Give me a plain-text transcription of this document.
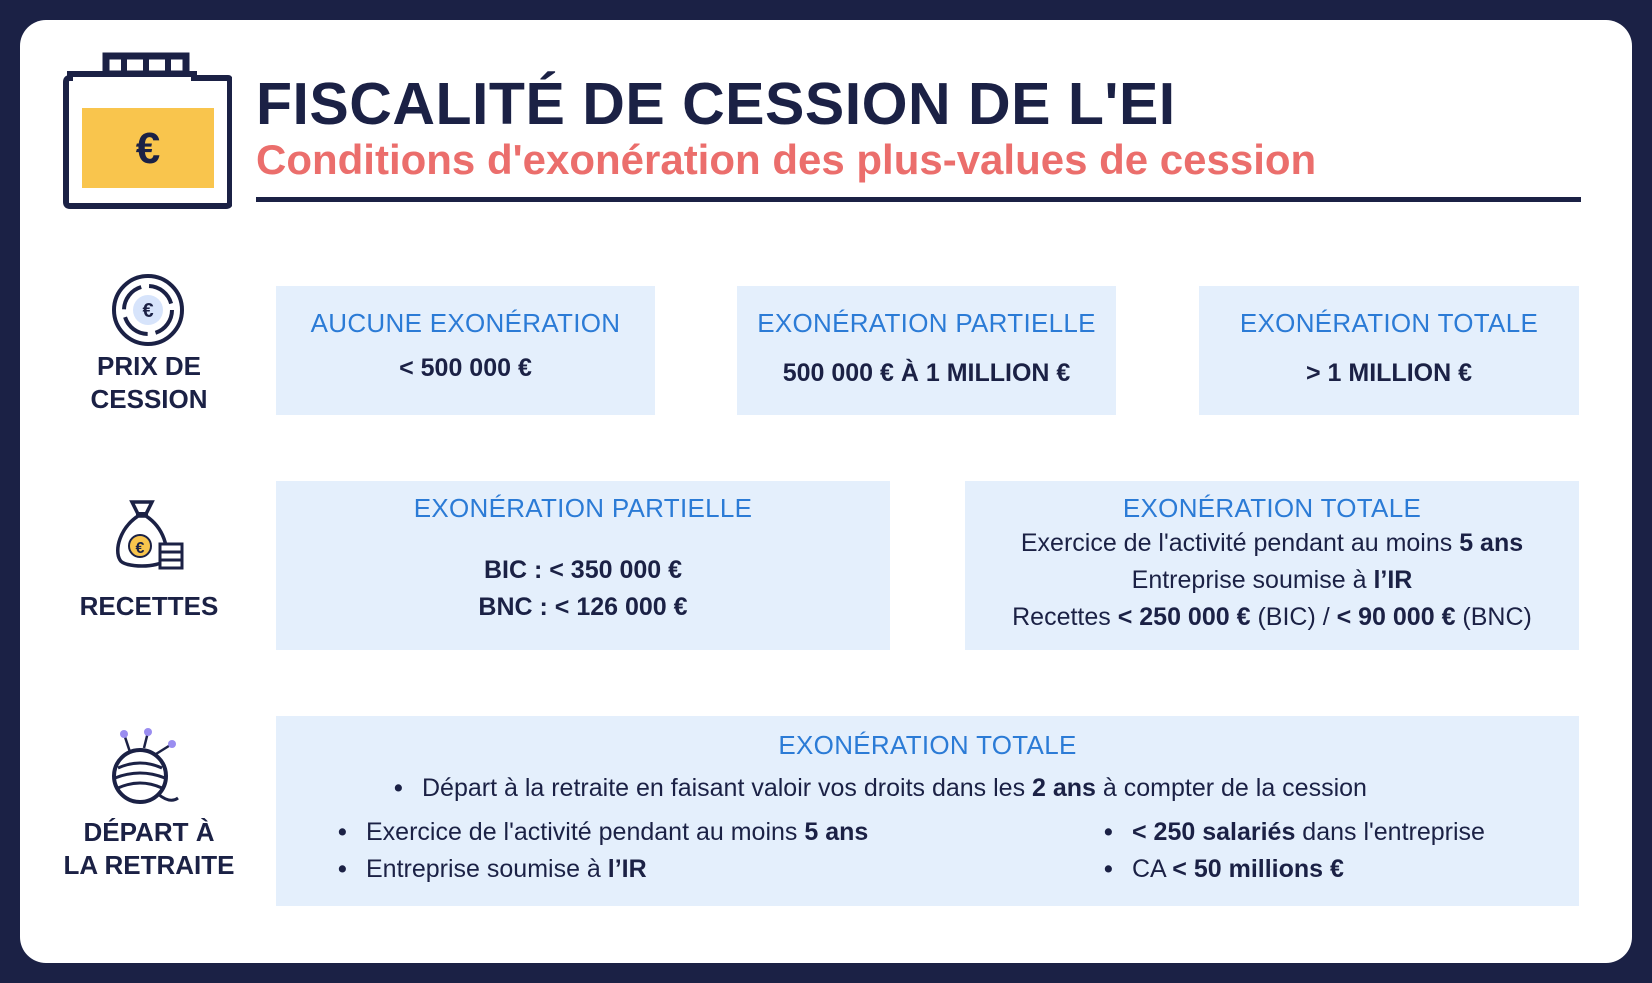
€
FISCALITÉ DE CESSION DE L'EI
Conditions d'exonération des plus-values de cession
€
PRIX DE
CESSION
AUCUNE EXONÉRATION
< 500 000 €
EXONÉRATION PARTIELLE
500 000 € À 1 MILLION €
EXONÉRATION TOTALE
> 1 MILLION €
€
RECETTES
EXONÉRATION PARTIELLE
BIC : < 350 000 €
BNC : < 126 000 €
EXONÉRATION TOTALE
Exercice de l'activité pendant au moins 5 ans
Entreprise soumise à l’IR
Recettes < 250 000 € (BIC) / < 90 000 € (BNC)
DÉPART À
LA RETRAITE
EXONÉRATION TOTALE
• Départ à la retraite en faisant valoir vos droits dans les 2 ans à compter de la cession
• Exercice de l'activité pendant au moins 5 ans
• Entreprise soumise à l’IR
• < 250 salariés dans l'entreprise
• CA < 50 millions €
